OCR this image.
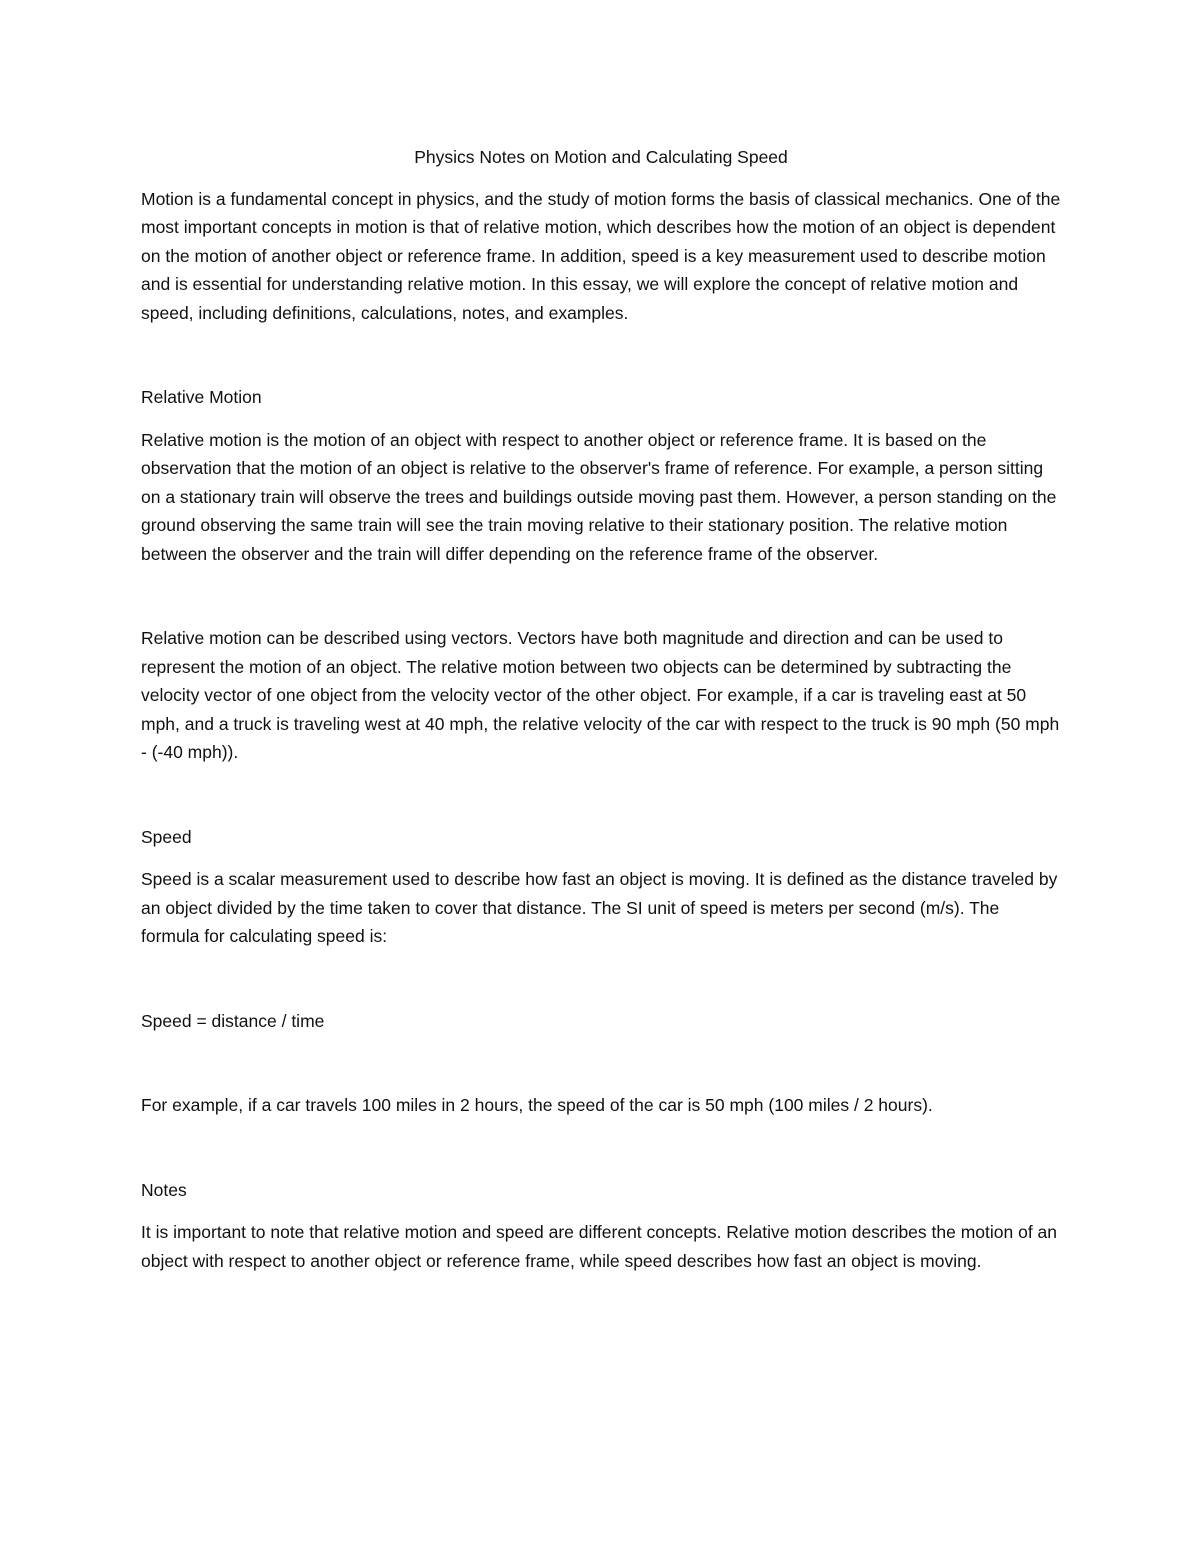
Physics Notes on Motion and Calculating Speed

Motion is a fundamental concept in physics, and the study of motion forms the basis of classical mechanics. One of the most important concepts in motion is that of relative motion, which describes how the motion of an object is dependent on the motion of another object or reference frame. In addition, speed is a key measurement used to describe motion and is essential for understanding relative motion. In this essay, we will explore the concept of relative motion and speed, including definitions, calculations, notes, and examples.

Relative Motion

Relative motion is the motion of an object with respect to another object or reference frame. It is based on the observation that the motion of an object is relative to the observer's frame of reference. For example, a person sitting on a stationary train will observe the trees and buildings outside moving past them. However, a person standing on the ground observing the same train will see the train moving relative to their stationary position. The relative motion between the observer and the train will differ depending on the reference frame of the observer.

Relative motion can be described using vectors. Vectors have both magnitude and direction and can be used to represent the motion of an object. The relative motion between two objects can be determined by subtracting the velocity vector of one object from the velocity vector of the other object. For example, if a car is traveling east at 50 mph, and a truck is traveling west at 40 mph, the relative velocity of the car with respect to the truck is 90 mph (50 mph - (-40 mph)).

Speed

Speed is a scalar measurement used to describe how fast an object is moving. It is defined as the distance traveled by an object divided by the time taken to cover that distance. The SI unit of speed is meters per second (m/s). The formula for calculating speed is:

Speed = distance / time

For example, if a car travels 100 miles in 2 hours, the speed of the car is 50 mph (100 miles / 2 hours).

Notes

It is important to note that relative motion and speed are different concepts. Relative motion describes the motion of an object with respect to another object or reference frame, while speed describes how fast an object is moving.
